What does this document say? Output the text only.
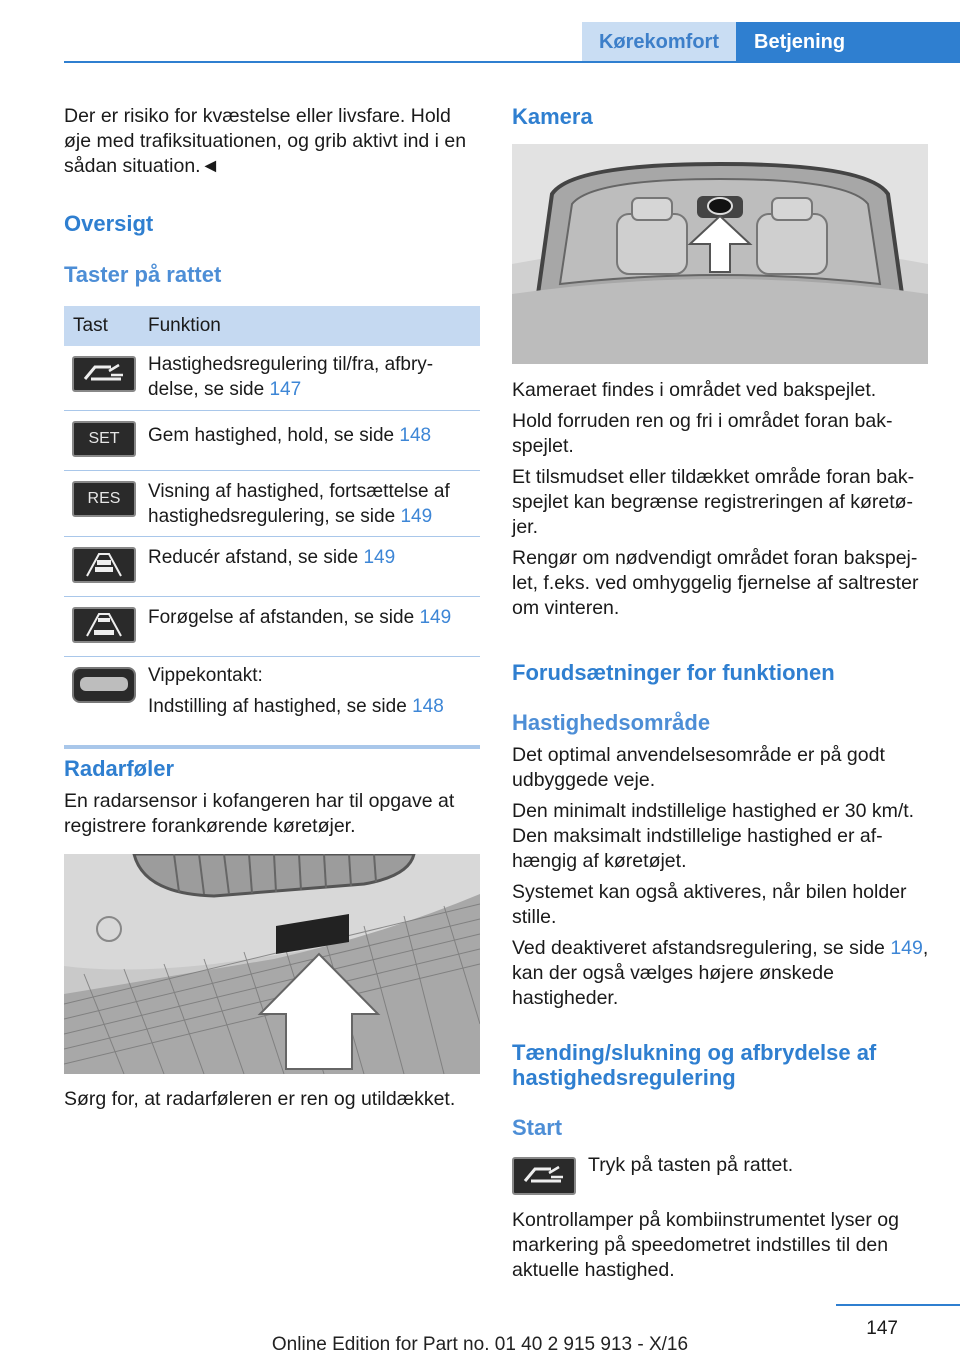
Kørekomfort	Betjening

Der er risiko for kvæstelse eller livsfare. Hold øje med trafiksituationen, og grib aktivt ind i en sådan situation.◄

Oversigt
Taster på rattet
Tast	Funktion
Hastighedsregulering til/fra, afbry-delse, se side 147
SET	Gem hastighed, hold, se side 148
RES	Visning af hastighed, fortsættelse af hastighedsregulering, se side 149
Reducér afstand, se side 149
Forøgelse af afstanden, se side 149
Vippekontakt:
Indstilling af hastighed, se side 148
Radarføler

En radarsensor i kofangeren har til opgave at registrere forankørende køretøjer.

Sørg for, at radarføleren er ren og utildækket.

Kamera

Kameraet findes i området ved bakspejlet.

Hold forruden ren og fri i området foran bak-spejlet.

Et tilsmudset eller tildækket område foran bak-spejlet kan begrænse registreringen af køretø-jer.

Rengør om nødvendigt området foran bakspej-let, f.eks. ved omhyggelig fjernelse af saltrester om vinteren.

Forudsætninger for funktionen
Hastighedsområde

Det optimal anvendelsesområde er på godt udbyggede veje.

Den minimalt indstillelige hastighed er 30 km/t. Den maksimalt indstillelige hastighed er af-hængig af køretøjet.

Systemet kan også aktiveres, når bilen holder stille.

Ved deaktiveret afstandsregulering, se side 149, kan der også vælges højere ønskede hastigheder.

Tænding/slukning og afbrydelse af hastighedsregulering
Start

Tryk på tasten på rattet.

Kontrollamper på kombiinstrumentet lyser og markering på speedometret indstilles til den aktuelle hastighed.

147
Online Edition for Part no. 01 40 2 915 913 - X/16
